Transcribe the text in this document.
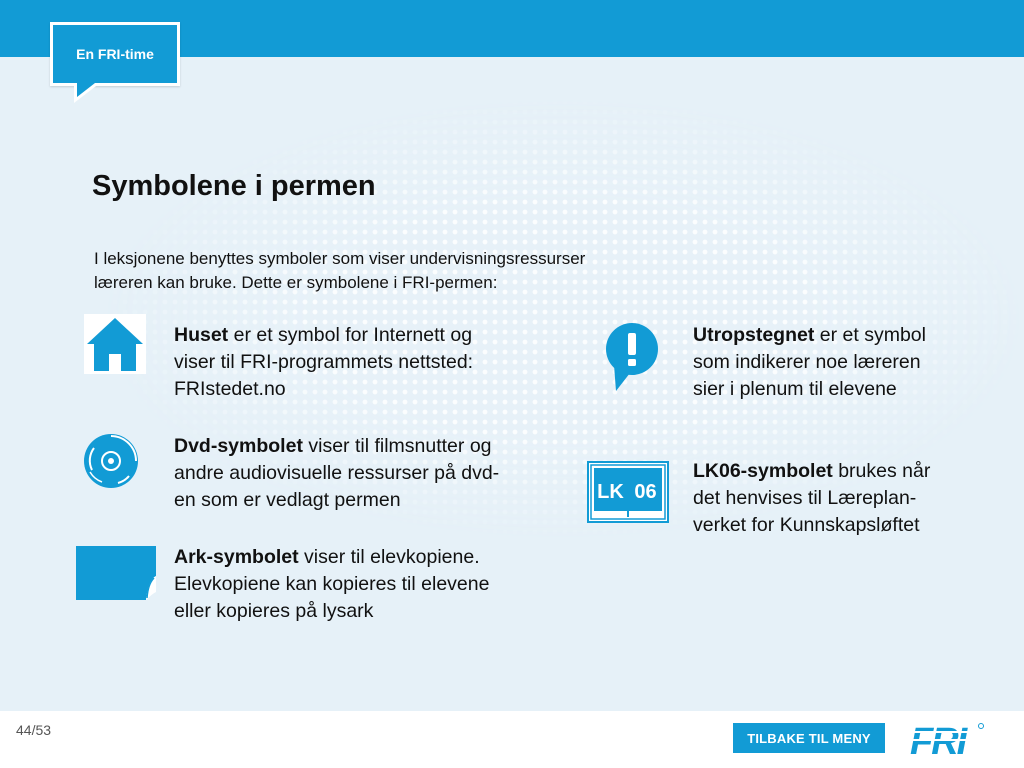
En FRI-time
Symbolene i permen

I leksjonene benyttes symboler som viser undervisningsressurser
læreren kan bruke. Dette er symbolene i FRI-permen:

Huset er et symbol for Internett og
viser til FRI-programmets nettsted:
FRIstedet.no
Dvd-symbolet viser til filmsnutter og
andre audiovisuelle ressurser på dvd-
en som er vedlagt permen
Ark-symbolet viser til elevkopiene.
Elevkopiene kan kopieres til elevene
eller kopieres på lysark
Utropstegnet er et symbol
som indikerer noe læreren
sier i plenum til elevene
LK 06
LK06-symbolet brukes når
det henvises til Læreplan-
verket for Kunnskapsløftet
44/53	TILBAKE TIL MENY	FRI
